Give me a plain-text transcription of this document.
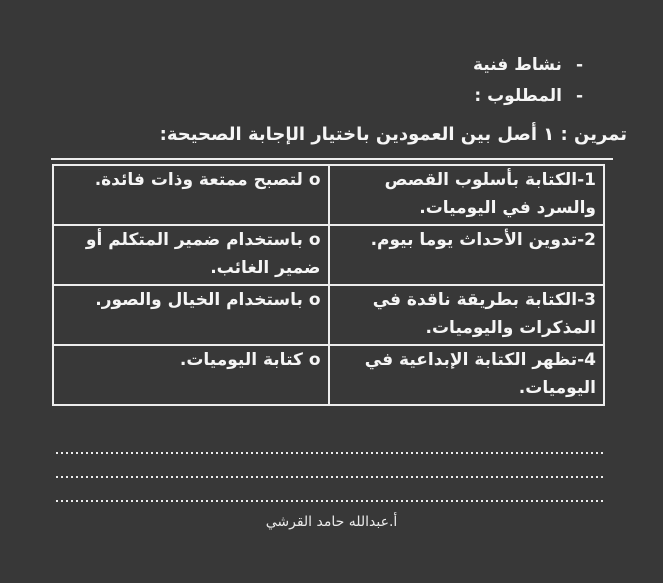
-
نشاط فنية
-
المطلوب :
تمرين : ١ أصل بين العمودين باختيار الإجابة الصحيحة:
1-الكتابة بأسلوب القصص والسرد في اليوميات.	o لتصبح ممتعة وذات فائدة.
2-تدوين الأحداث يوما بيوم.	o باستخدام ضمير المتكلم أو ضمير الغائب.
3-الكتابة بطريقة ناقدة في المذكرات واليوميات.	o باستخدام الخيال والصور.
4-تظهر الكتابة الإبداعية في اليوميات.	o كتابة اليوميات.
أ.عبدالله حامد القرشي
